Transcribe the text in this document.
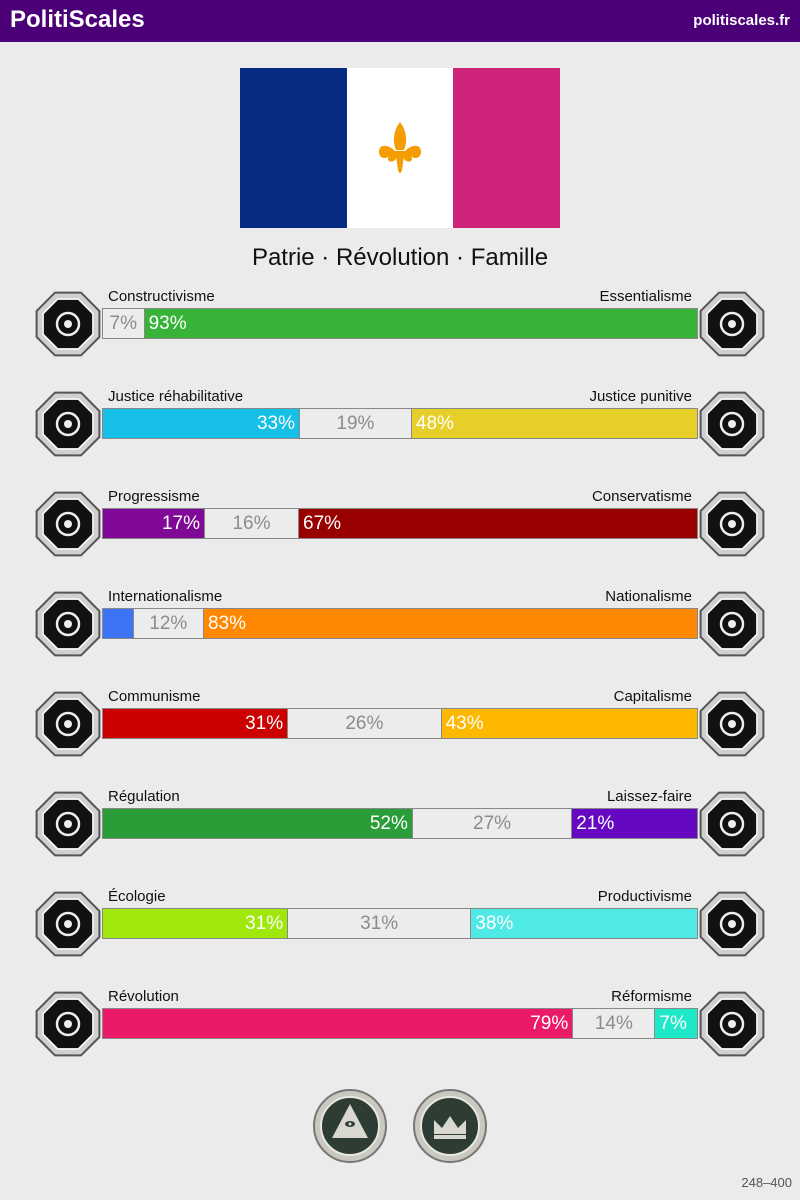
PolitiScales	politiscales.fr
Patrie · Révolution · Famille
Constructivisme	Essentialisme
7% 93%
Justice réhabilitative	Justice punitive
33% 19% 48%
Progressisme	Conservatisme
17% 16% 67%
Internationalisme	Nationalisme
12% 83%
Communisme	Capitalisme
31%	26%	43%
Régulation	Laissez-faire
52%	27%	21%
Écologie	Productivisme
31%	31%	38%
Révolution	Réformisme
79% 14% 7%
248–400
